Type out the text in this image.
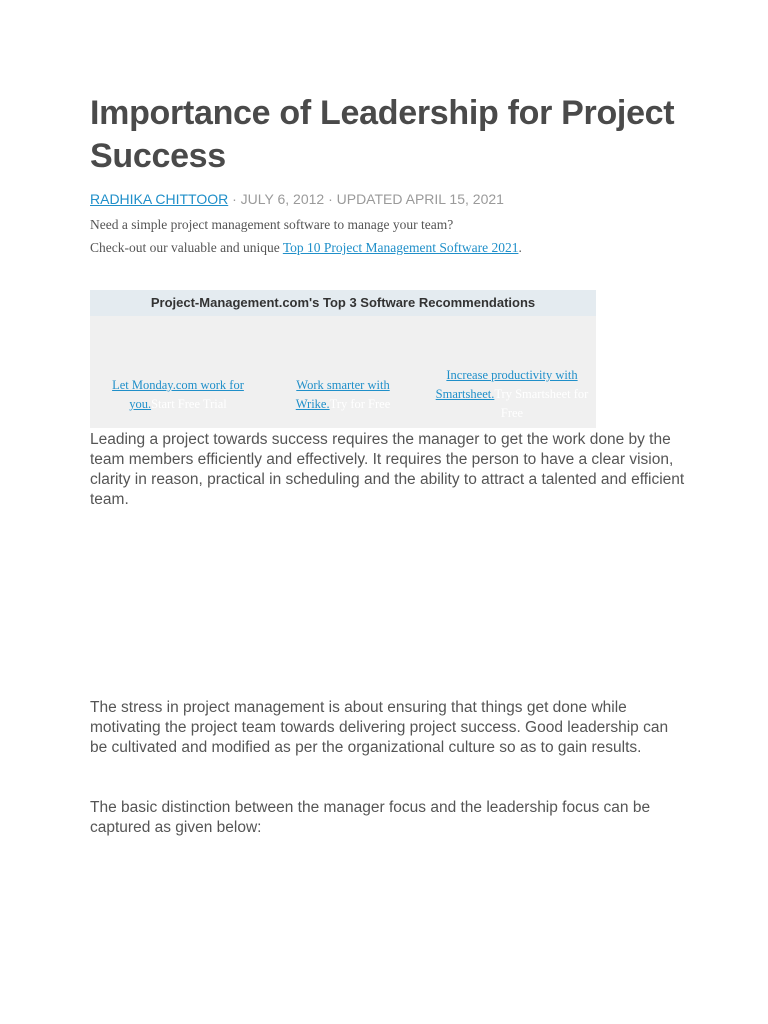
Importance of Leadership for Project Success
RADHIKA CHITTOOR · JULY 6, 2012 · UPDATED APRIL 15, 2021
Need a simple project management software to manage your team?
Check-out our valuable and unique Top 10 Project Management Software 2021.
Project-Management.com's Top 3 Software Recommendations
Let Monday.com work for you.Start Free Trial
Work smarter with Wrike.Try for Free
Increase productivity with Smartsheet.Try Smartsheet for Free

Leading a project towards success requires the manager to get the work done by the team members efficiently and effectively. It requires the person to have a clear vision, clarity in reason, practical in scheduling and the ability to attract a talented and efficient team.

The stress in project management is about ensuring that things get done while motivating the project team towards delivering project success. Good leadership can be cultivated and modified as per the organizational culture so as to gain results.

The basic distinction between the manager focus and the leadership focus can be captured as given below:
